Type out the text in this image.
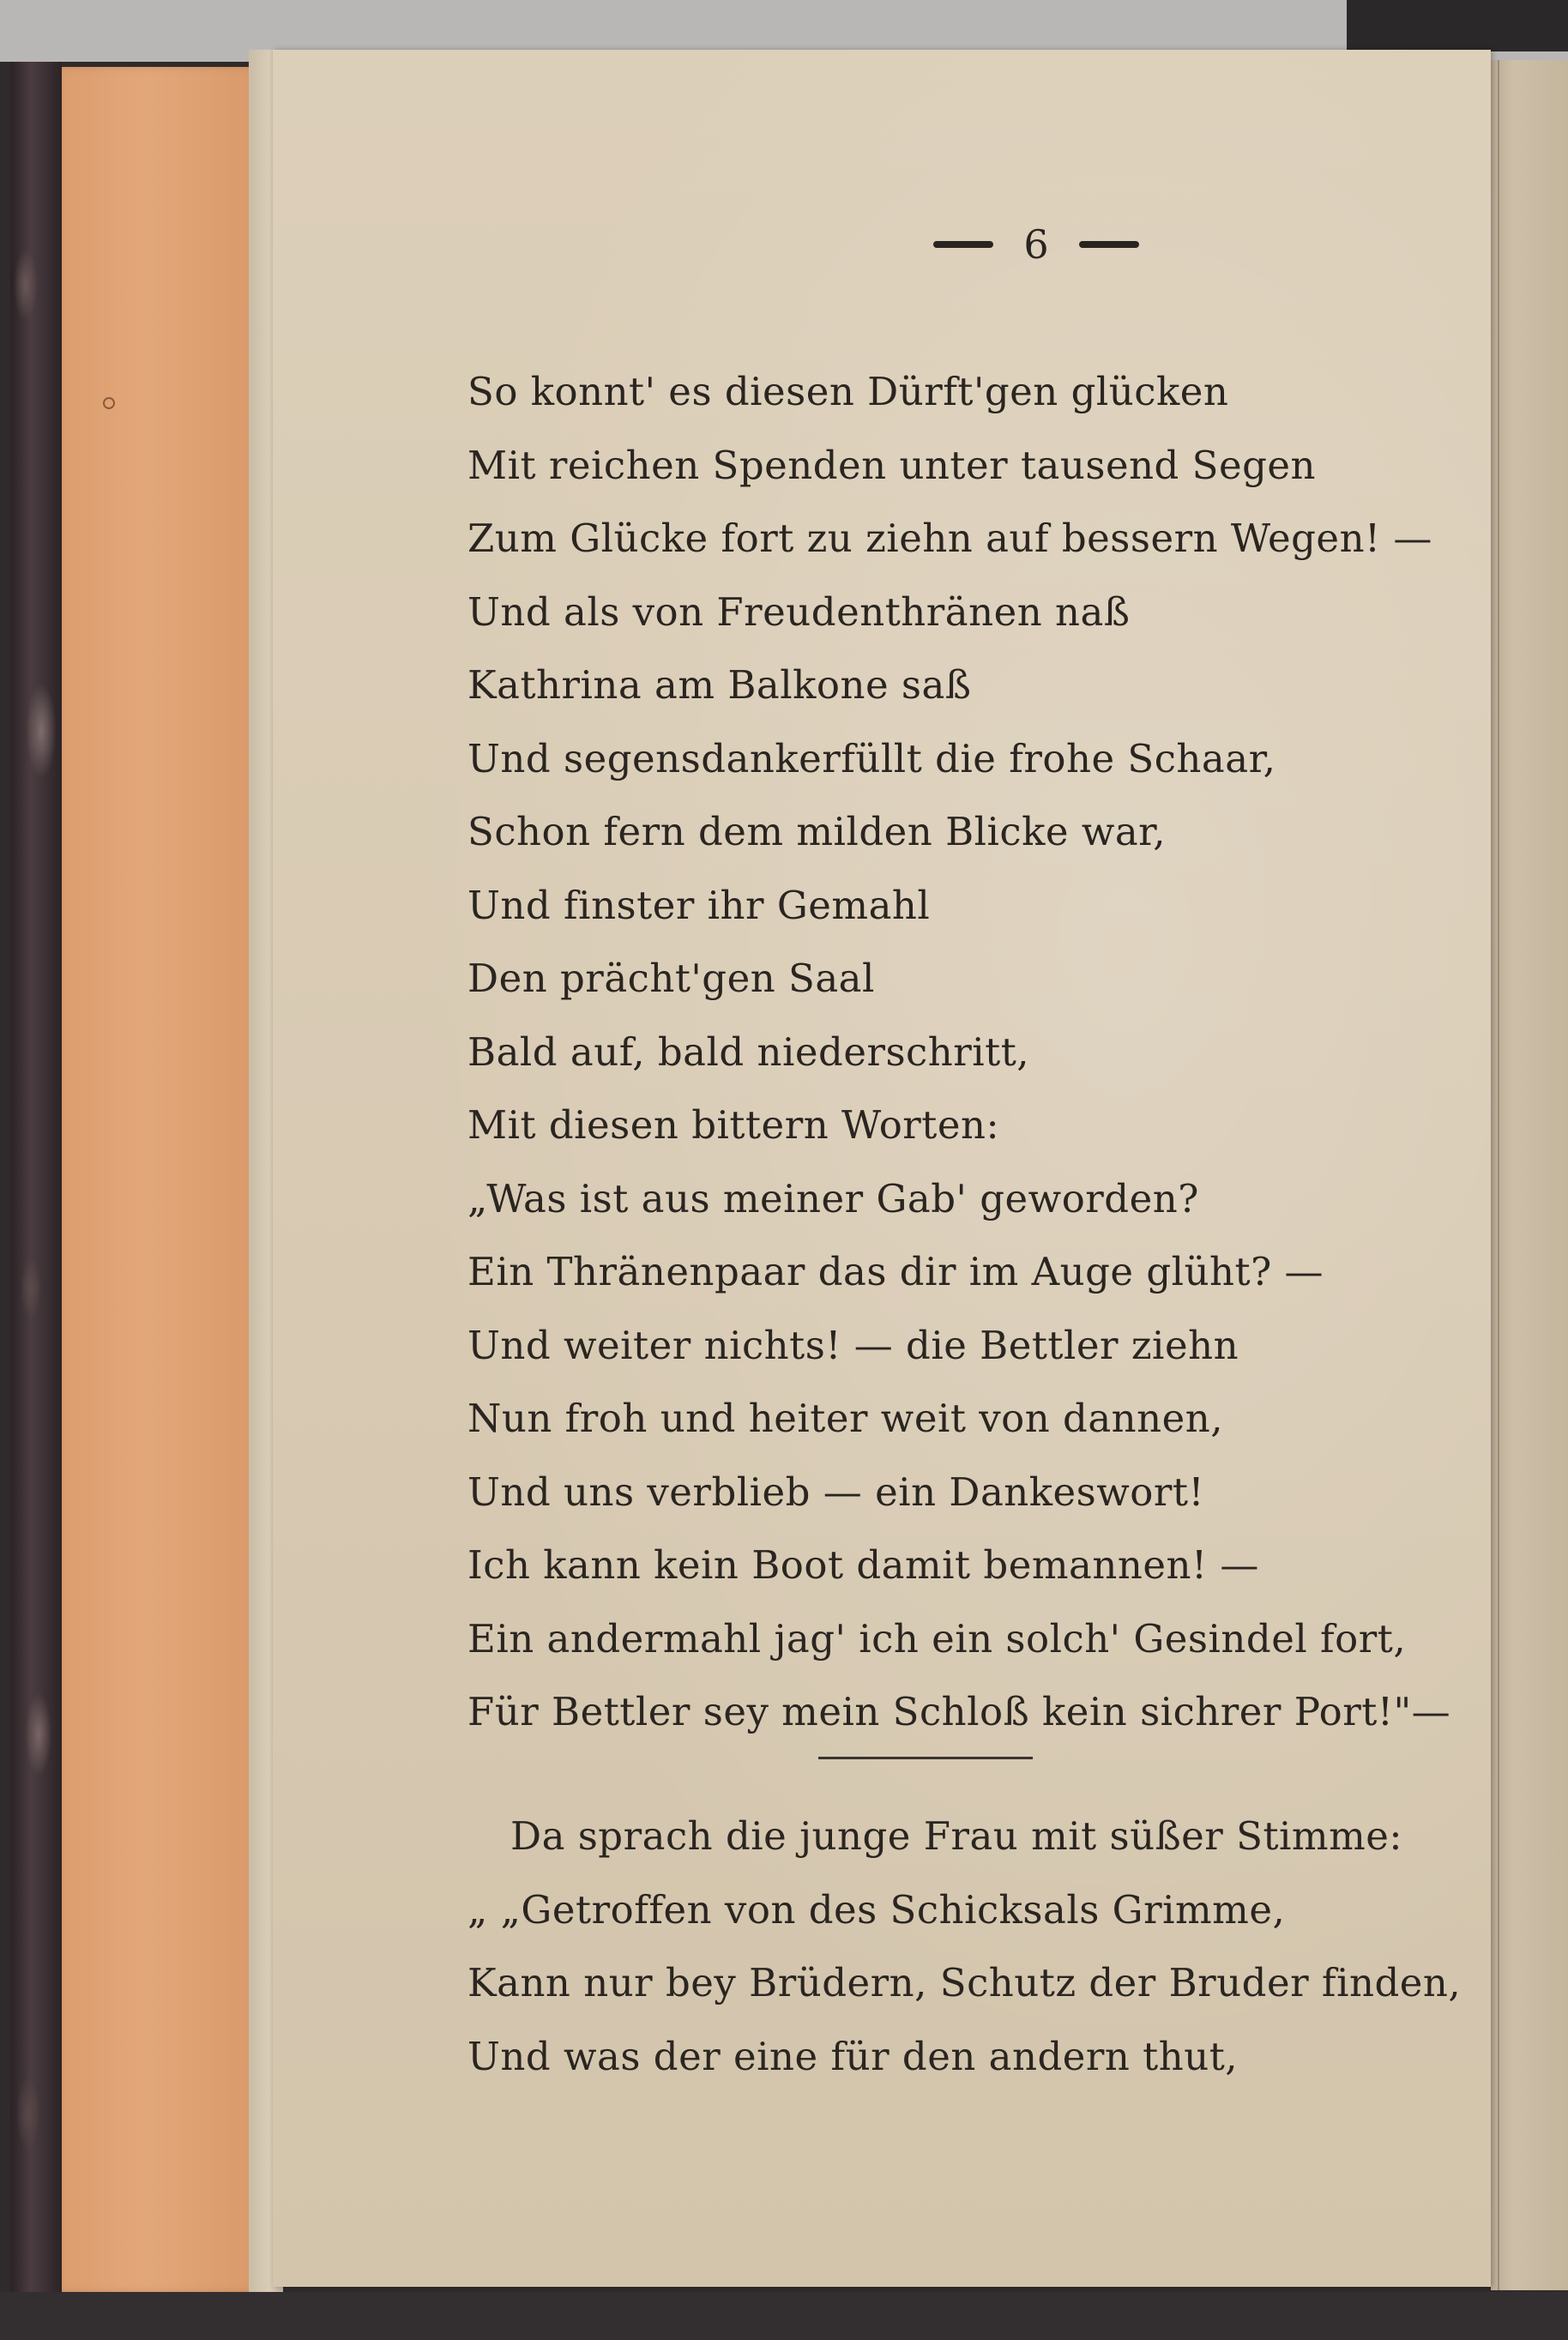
6
So konnt' es diesen Dürft'gen glücken
Mit reichen Spenden unter tausend Segen
Zum Glücke fort zu ziehn auf bessern Wegen! —
Und als von Freudenthränen naß
Kathrina am Balkone saß
Und segensdankerfüllt die frohe Schaar,
Schon fern dem milden Blicke war,
Und finster ihr Gemahl
Den prächt'gen Saal
Bald auf, bald niederschritt,
Mit diesen bittern Worten:
„Was ist aus meiner Gab' geworden?
Ein Thränenpaar das dir im Auge glüht? —
Und weiter nichts! — die Bettler ziehn
Nun froh und heiter weit von dannen,
Und uns verblieb — ein Dankeswort!
Ich kann kein Boot damit bemannen! —
Ein andermahl jag' ich ein solch' Gesindel fort,
Für Bettler sey mein Schloß kein sichrer Port!"—
Da sprach die junge Frau mit süßer Stimme:
„ „Getroffen von des Schicksals Grimme,
Kann nur bey Brüdern, Schutz der Bruder finden,
Und was der eine für den andern thut,
